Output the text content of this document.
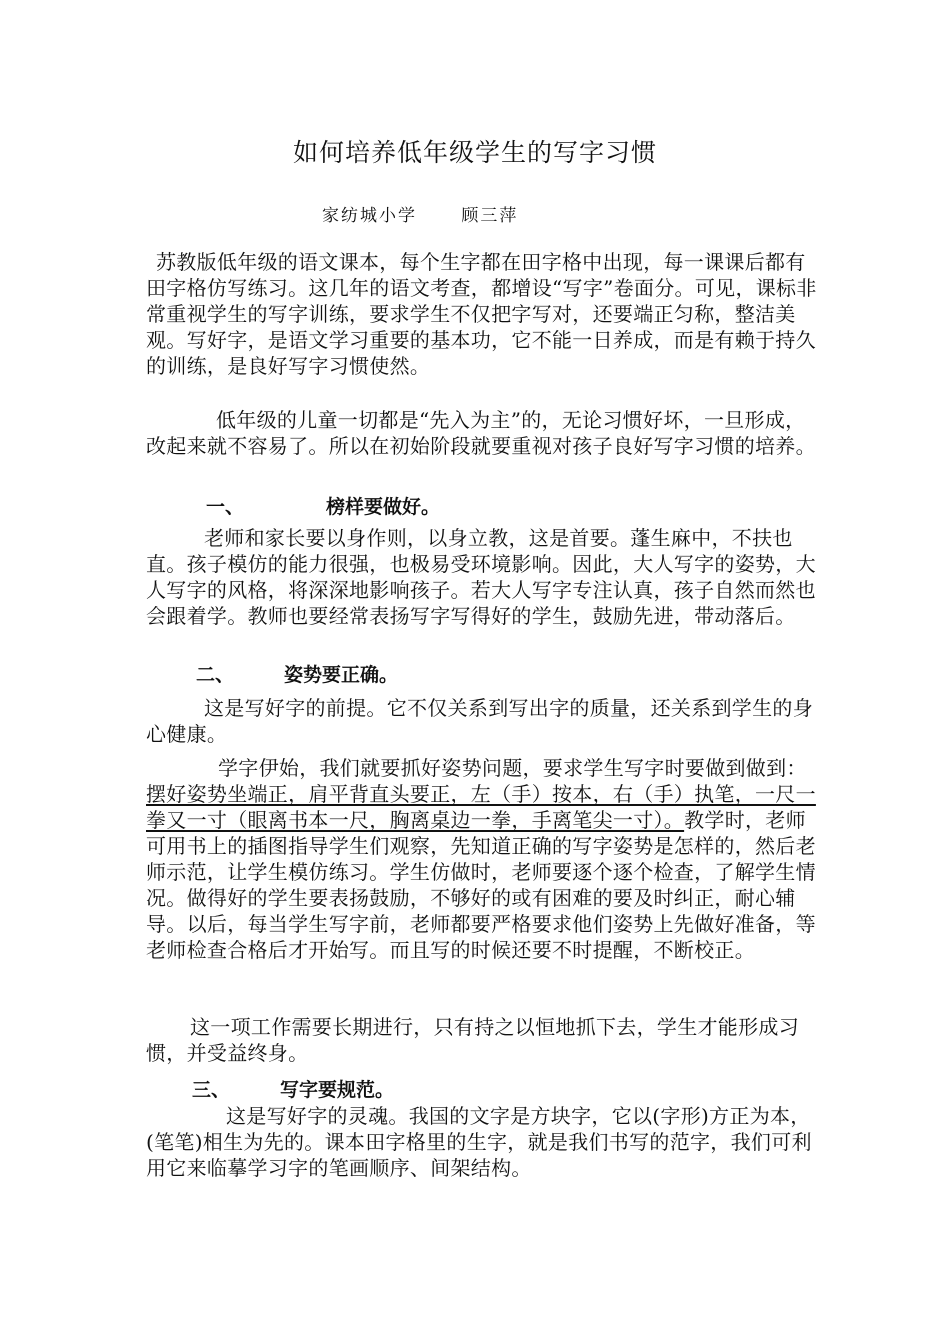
如何培养低年级学生的写字习惯
家纺城小学      顾三萍
苏教版低年级的语文课本，每个生字都在田字格中出现，每一课课后都有田字格仿写练习。这几年的语文考查，都增设“写字”卷面分。可见，课标非常重视学生的写字训练，要求学生不仅把字写对，还要端正匀称，整洁美观。写好字，是语文学习重要的基本功，它不能一日养成，而是有赖于持久的训练，是良好写字习惯使然。
低年级的儿童一切都是“先入为主”的，无论习惯好坏，一旦形成，改起来就不容易了。所以在初始阶段就要重视对孩子良好写字习惯的培养。
一、	榜样要做好。
老师和家长要以身作则，以身立教，这是首要。蓬生麻中，不扶也直。孩子模仿的能力很强，也极易受环境影响。因此，大人写字的姿势，大人写字的风格，将深深地影响孩子。若大人写字专注认真，孩子自然而然也会跟着学。教师也要经常表扬写字写得好的学生，鼓励先进，带动落后。
二、	姿势要正确。
这是写好字的前提。它不仅关系到写出字的质量，还关系到学生的身心健康。
学字伊始，我们就要抓好姿势问题，要求学生写字时要做到做到：摆好姿势坐端正，肩平背直头要正，左（手）按本，右（手）执笔，一尺一拳又一寸（眼离书本一尺，胸离桌边一拳，手离笔尖一寸）。教学时，老师可用书上的插图指导学生们观察，先知道正确的写字姿势是怎样的，然后老师示范，让学生模仿练习。学生仿做时，老师要逐个逐个检查，了解学生情况。做得好的学生要表扬鼓励，不够好的或有困难的要及时纠正，耐心辅导。以后，每当学生写字前，老师都要严格要求他们姿势上先做好准备，等老师检查合格后才开始写。而且写的时候还要不时提醒，不断校正。
这一项工作需要长期进行，只有持之以恒地抓下去，学生才能形成习惯，并受益终身。
三、	写字要规范。
这是写好字的灵魂。我国的文字是方块字，它以(字形)方正为本，(笔笔)相生为先的。课本田字格里的生字，就是我们书写的范字，我们可利用它来临摹学习字的笔画顺序、间架结构。
